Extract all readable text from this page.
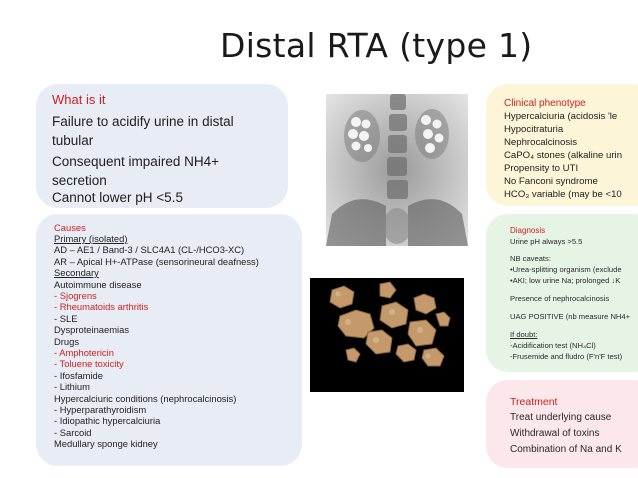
Distal RTA (type 1)
What is it
Failure to acidify urine in distal
tubular
Consequent impaired NH4+
secretion
Cannot lower pH <5.5
Causes
Primary (isolated)
AD – AE1 / Band-3 / SLC4A1 (CL-/HCO3-XC)
AR – Apical H+-ATPase (sensorineural deafness)
Secondary
Autoimmune disease
- Sjogrens
- Rheumatoids arthritis
- SLE
Dysproteinaemias
Drugs
- Amphotericin
- Toluene toxicity
- Ifosfamide
- Lithium
Hypercalciuric conditions (nephrocalcinosis)
- Hyperparathyroidism
- Idiopathic hypercalciuria
- Sarcoid
Medullary sponge kidney
Clinical phenotype
Hypercalciuria (acidosis 'le
Hypocitraturia
Nephrocalcinosis
CaPO₄ stones (alkaline urin
Propensity to UTI
No Fanconi syndrome
HCO₃ variable (may be <10
Diagnosis
Urine pH always >5.5
NB caveats:
•Urea-splitting organism (exclude
•AKI; low urine Na; prolonged ↓K
Presence of nephrocalcinosis
UAG POSITIVE (nb measure NH4+
If doubt:
-Acidification test (NH₄Cl)
-Frusemide and fludro (F'n'F test)
Treatment
Treat underlying cause
Withdrawal of toxins
Combination of Na and K
